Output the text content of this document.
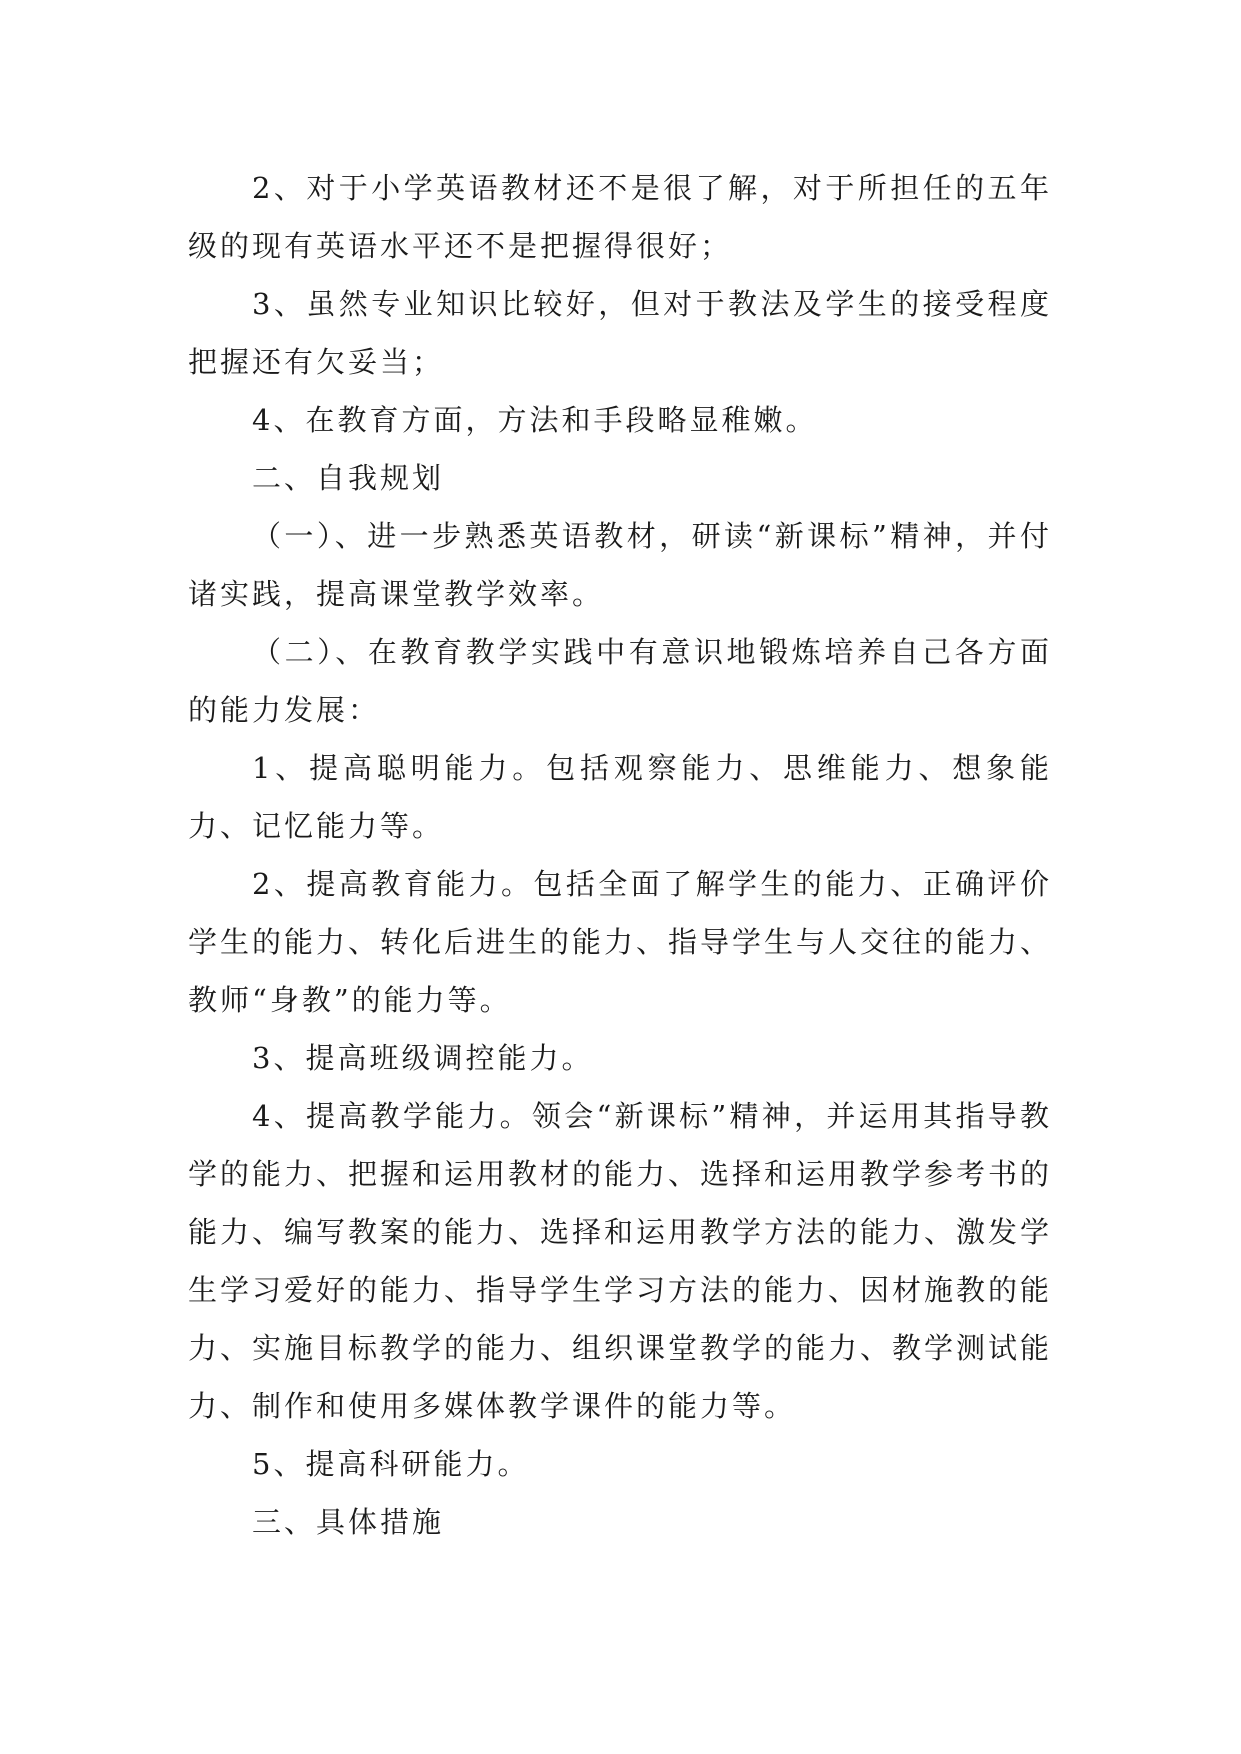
2、对于小学英语教材还不是很了解，对于所担任的五年级的现有英语水平还不是把握得很好；

3、虽然专业知识比较好，但对于教法及学生的接受程度把握还有欠妥当；

4、在教育方面，方法和手段略显稚嫩。

二、自我规划

（一）、进一步熟悉英语教材，研读“新课标”精神，并付诸实践，提高课堂教学效率。

（二）、在教育教学实践中有意识地锻炼培养自己各方面的能力发展：

1、提高聪明能力。包括观察能力、思维能力、想象能力、记忆能力等。

2、提高教育能力。包括全面了解学生的能力、正确评价学生的能力、转化后进生的能力、指导学生与人交往的能力、教师“身教”的能力等。

3、提高班级调控能力。

4、提高教学能力。领会“新课标”精神，并运用其指导教学的能力、把握和运用教材的能力、选择和运用教学参考书的能力、编写教案的能力、选择和运用教学方法的能力、激发学生学习爱好的能力、指导学生学习方法的能力、因材施教的能力、实施目标教学的能力、组织课堂教学的能力、教学测试能力、制作和使用多媒体教学课件的能力等。

5、提高科研能力。

三、具体措施
